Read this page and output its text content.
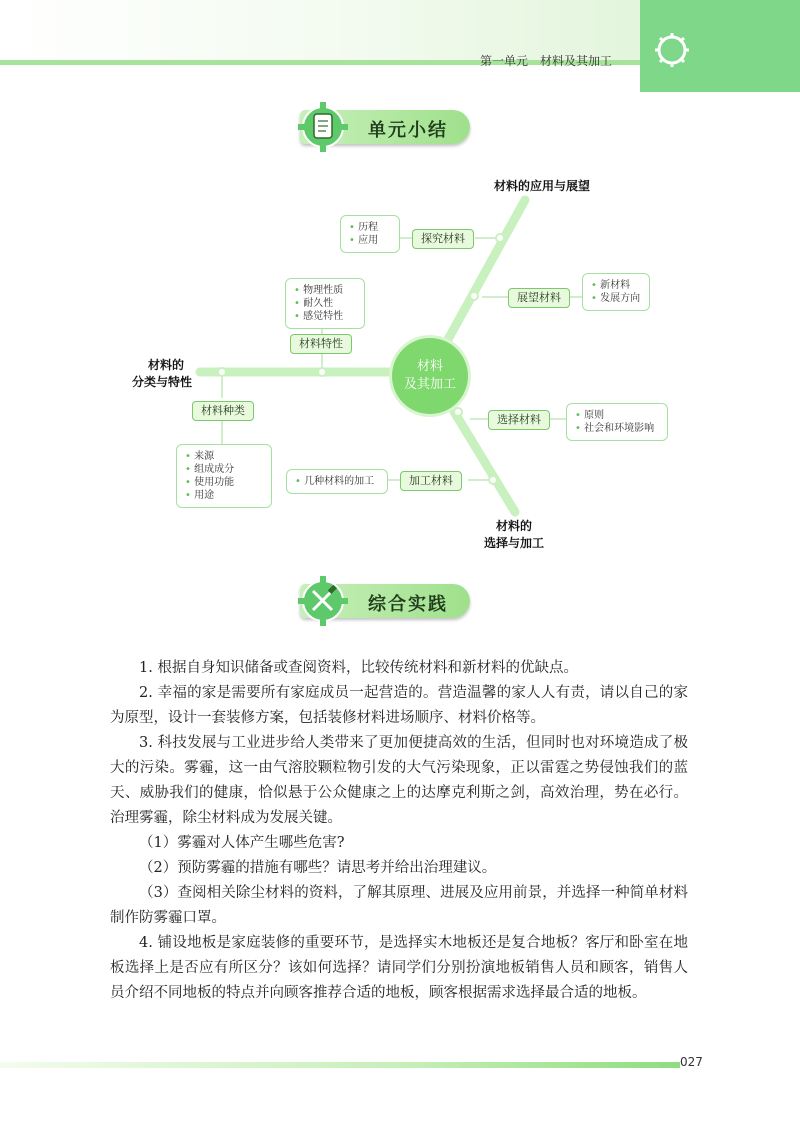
第一单元　材料及其加工
单元小结
材料的应用与展望
材料的
分类与特性
材料的
选择与加工
材料
及其加工
探究材料
展望材料
材料特性
材料种类
选择材料
加工材料
• 历程
• 应用
• 新材料
• 发展方向
• 物理性质
• 耐久性
• 感觉特性
• 来源
• 组成成分
• 使用功能
• 用途
• 原则
• 社会和环境影响
• 几种材料的加工
综合实践
1. 根据自身知识储备或查阅资料，比较传统材料和新材料的优缺点。
2. 幸福的家是需要所有家庭成员一起营造的。营造温馨的家人人有责，请以自己的家为原型，设计一套装修方案，包括装修材料进场顺序、材料价格等。
3. 科技发展与工业进步给人类带来了更加便捷高效的生活，但同时也对环境造成了极大的污染。雾霾，这一由气溶胶颗粒物引发的大气污染现象，正以雷霆之势侵蚀我们的蓝天、威胁我们的健康，恰似悬于公众健康之上的达摩克利斯之剑，高效治理，势在必行。治理雾霾，除尘材料成为发展关键。
（1）雾霾对人体产生哪些危害?
（2）预防雾霾的措施有哪些？请思考并给出治理建议。
（3）查阅相关除尘材料的资料，了解其原理、进展及应用前景，并选择一种简单材料制作防雾霾口罩。
4. 铺设地板是家庭装修的重要环节，是选择实木地板还是复合地板？客厅和卧室在地板选择上是否应有所区分？该如何选择？请同学们分别扮演地板销售人员和顾客，销售人员介绍不同地板的特点并向顾客推荐合适的地板，顾客根据需求选择最合适的地板。
027
